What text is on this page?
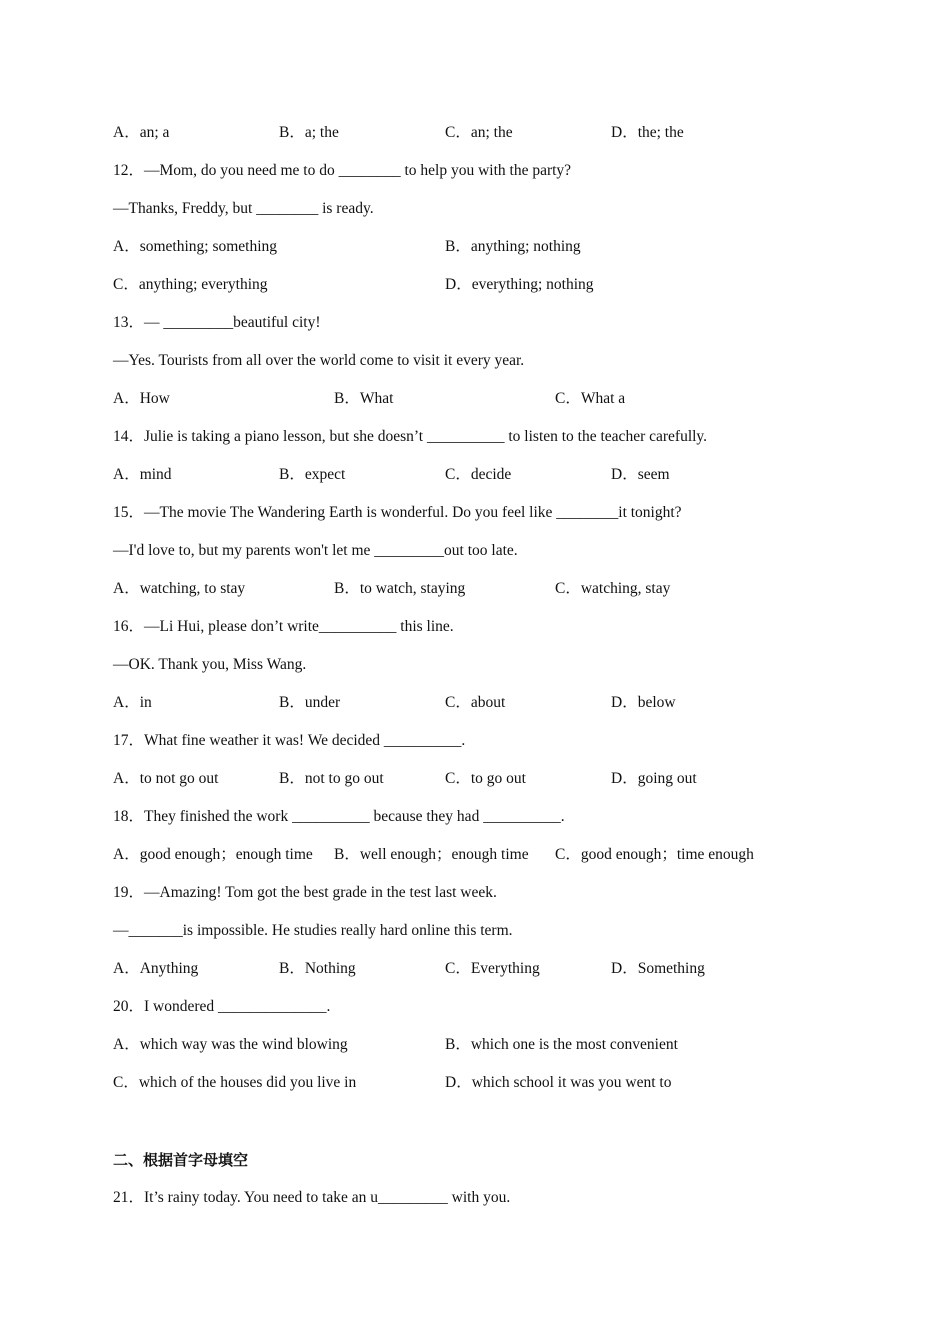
A．an; a	B．a; the	C．an; the	D．the; the
12．—Mom, do you need me to do ________ to help you with the party?
—Thanks, Freddy, but ________ is ready.
A．something; something	B．anything; nothing
C．anything; everything	D．everything; nothing
13．— _________beautiful city!
—Yes. Tourists from all over the world come to visit it every year.
A．How	B．What	C．What a
14．Julie is taking a piano lesson, but she doesn’t __________ to listen to the teacher carefully.
A．mind	B．expect	C．decide	D．seem
15．—The movie The Wandering Earth is wonderful. Do you feel like ________it tonight?
—I'd love to, but my parents won't let me _________out too late.
A．watching, to stay	B．to watch, staying	C．watching, stay
16．—Li Hui, please don’t write__________ this line.
—OK. Thank you, Miss Wang.
A．in	B．under	C．about	D．below
17．What fine weather it was! We decided __________.
A．to not go out	B．not to go out	C．to go out	D．going out
18．They finished the work __________ because they had __________.
A．good enough；enough time B．well enough；enough time C．good enough；time enough
19．—Amazing! Tom got the best grade in the test last week.
—_______is impossible. He studies really hard online this term.
A．Anything	B．Nothing	C．Everything	D．Something
20．I wondered ______________.
A．which way was the wind blowing	B．which one is the most convenient
C．which of the houses did you live in	D．which school it was you went to
二、根据首字母填空
21．It’s rainy today. You need to take an u_________ with you.
